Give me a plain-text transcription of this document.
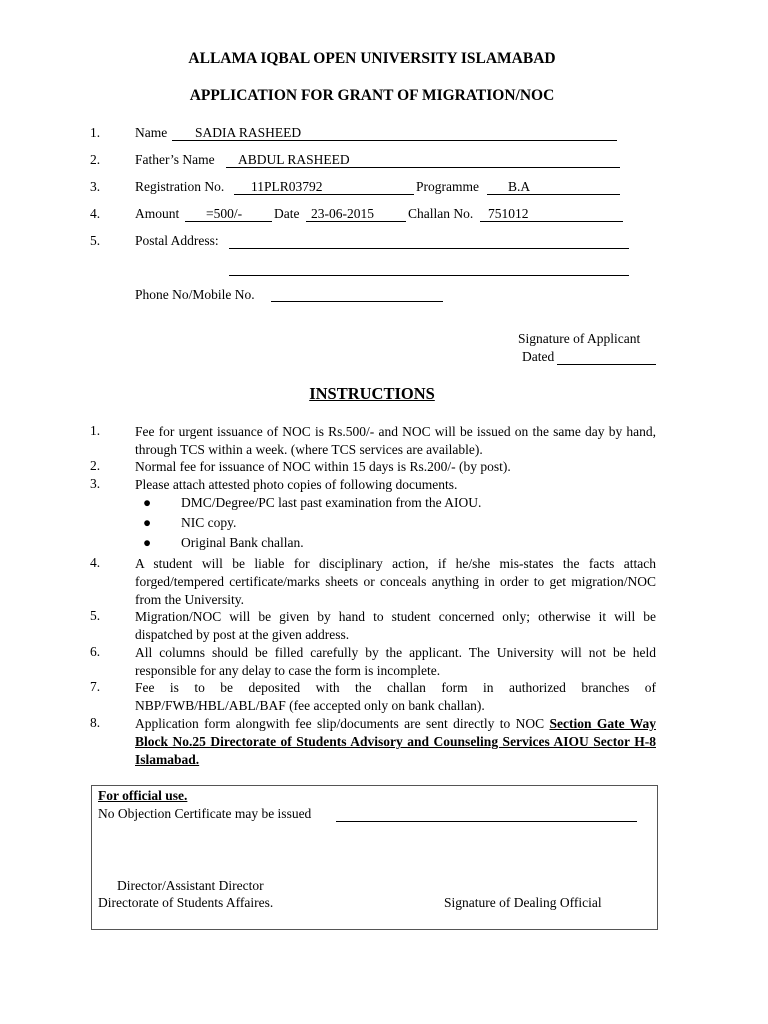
ALLAMA IQBAL OPEN UNIVERSITY ISLAMABAD
APPLICATION FOR GRANT OF MIGRATION/NOC
1.	Name SADIA RASHEED
2.	Father’s Name ABDUL RASHEED
3.	Registration No. 11PLR03792	Programme B.A
4.	Amount =500/- Date 23-06-2015	Challan No. 751012
5.	Postal Address:
Phone No/Mobile No.
Signature of Applicant
Dated
INSTRUCTIONS
1.	Fee for urgent issuance of NOC is Rs.500/- and NOC will be issued on the same day by hand, through TCS within a week. (where TCS services are available).
2.	Normal fee for issuance of NOC within 15 days is Rs.200/- (by post).
3.	Please attach attested photo copies of following documents.
● DMC/Degree/PC last past examination from the AIOU.
● NIC copy.
● Original Bank challan.
4.	A student will be liable for disciplinary action, if he/she mis-states the facts attach forged/tempered certificate/marks sheets or conceals anything in order to get migration/NOC from the University.
5.	Migration/NOC will be given by hand to student concerned only; otherwise it will be dispatched by post at the given address.
6.	All columns should be filled carefully by the applicant. The University will not be held responsible for any delay to case the form is incomplete.
7.	Fee is to be deposited with the challan form in authorized branches of NBP/FWB/HBL/ABL/BAF (fee accepted only on bank challan).
8.	Application form alongwith fee slip/documents are sent directly to NOC Section Gate Way Block No.25 Directorate of Students Advisory and Counseling Services AIOU Sector H-8 Islamabad.
For official use.
No Objection Certificate may be issued
Director/Assistant Director
Directorate of Students Affaires.	Signature of Dealing Official
